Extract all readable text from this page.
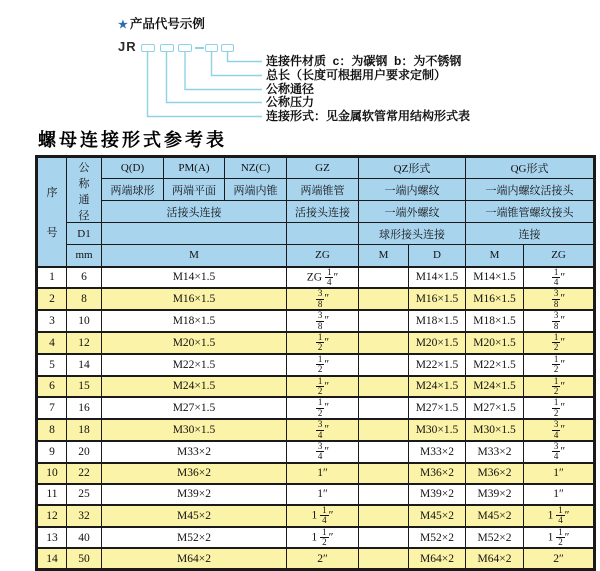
★ 产品代号示例
JR
连接件材质  c：为碳钢  b：为不锈钢
总长（长度可根据用户要求定制）
公称通径
公称压力
连接形式：见金属软管常用结构形式表
螺母连接形式参考表
序
号	公
称
通
径	Q(D)	PM(A)	NZ(C)	GZ	QZ形式		QG形式	
		两端球形	两端平面	两端内锥	两端锥管	一端内螺纹		一端内螺纹活接头	
		活接头连接			活接头连接	一端外螺纹		一端锥管螺纹接头	
	D1					球形接头连接		连接	
	mm	M			ZG	M	D	M	ZG
1	6	M14×1.5			ZG $\frac{1}{4}$ ″		M14×1.5	M14×1.5	$\frac{1}{4}$ ″
2	8	M16×1.5			$\frac{3}{8}$ ″		M16×1.5	M16×1.5	$\frac{3}{8}$ ″
3	10	M18×1.5			$\frac{3}{8}$ ″		M18×1.5	M18×1.5	$\frac{3}{8}$ ″
4	12	M20×1.5			$\frac{1}{2}$ ″		M20×1.5	M20×1.5	$\frac{1}{2}$ ″
5	14	M22×1.5			$\frac{1}{2}$ ″		M22×1.5	M22×1.5	$\frac{1}{2}$ ″
6	15	M24×1.5			$\frac{1}{2}$ ″		M24×1.5	M24×1.5	$\frac{1}{2}$ ″
7	16	M27×1.5			$\frac{1}{2}$ ″		M27×1.5	M27×1.5	$\frac{1}{2}$ ″
8	18	M30×1.5			$\frac{3}{4}$ ″		M30×1.5	M30×1.5	$\frac{3}{4}$ ″
9	20	M33×2			$\frac{3}{4}$ ″		M33×2	M33×2	$\frac{3}{4}$ ″
10	22	M36×2			1″		M36×2	M36×2	1″
11	25	M39×2			1″		M39×2	M39×2	1″
12	32	M45×2			$1 \frac{1}{4}$ ″		M45×2	M45×2	$1 \frac{1}{4}$ ″
13	40	M52×2			$1 \frac{1}{2}$ ″		M52×2	M52×2	$1 \frac{1}{2}$ ″
14	50	M64×2			2″		M64×2	M64×2	2″
